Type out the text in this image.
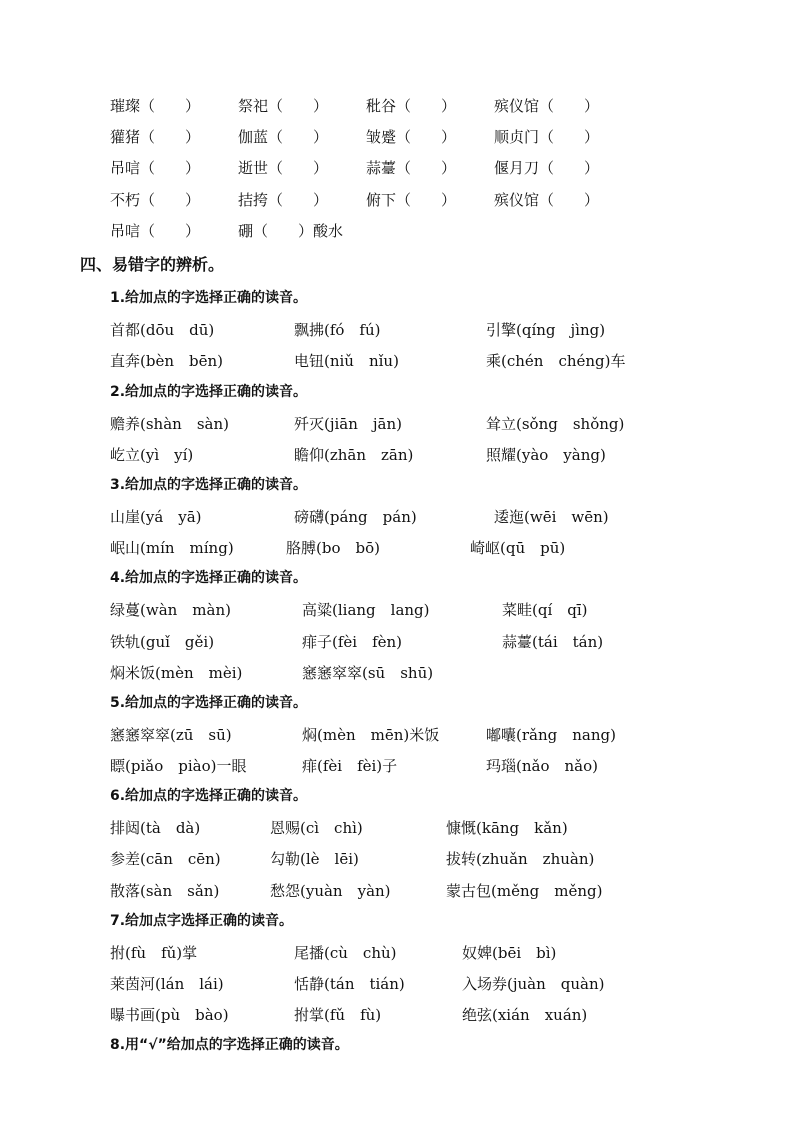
璀璨（　　）	祭祀（　　）	秕谷（　　）	殡仪馆（　　）
獾猪（　　）	伽蓝（　　）	皱蹙（　　）	顺贞门（　　）
吊唁（　　）	逝世（　　）	蒜薹（　　）	偃月刀（　　）
不朽（　　）	拮挎（　　）	俯下（　　）	殡仪馆（　　）
吊唁（　　）	硼（　　）酸水
四、易错字的辨析。
1.给加点的字选择正确的读音。
首都(dōu　dū)	飘拂(fó　fú)	引擎(qíng　jìng)
直奔(bèn　bēn)	电钮(niǔ　nǐu)	乘(chén　chéng)车
2.给加点的字选择正确的读音。
赡养(shàn　sàn)	歼灭(jiān　jān)	耸立(sǒng　shǒng)
屹立(yì　yí)	瞻仰(zhān　zān)	照耀(yào　yàng)
3.给加点的字选择正确的读音。
山崖(yá　yā)	磅礴(páng　pán)	逶迤(wēi　wēn)
岷山(mín　míng)	胳膊(bo　bō)	崎岖(qū　pū)
4.给加点的字选择正确的读音。
绿蔓(wàn　màn)	高粱(liang　lang)	菜畦(qí　qī)
铁轨(guǐ　gěi)	痱子(fèi　fèn)	蒜薹(tái　tán)
焖米饭(mèn　mèi)	窸窸窣窣(sū　shū)
5.给加点的字选择正确的读音。
窸窸窣窣(zū　sū)	焖(mèn　mēn)米饭	嘟囔(rǎng　nang)
瞟(piǎo　piào)一眼	痱(fèi　fèi)子	玛瑙(nǎo　nǎo)
6.给加点的字选择正确的读音。
排闼(tà　dà)	恩赐(cì　chì)	慷慨(kāng　kǎn)
参差(cān　cēn)	勾勒(lè　lēi)	拔转(zhuǎn　zhuàn)
散落(sàn　sǎn)	愁怨(yuàn　yàn)	蒙古包(měng　měng)
7.给加点字选择正确的读音。
拊(fù　fǔ)掌	尾播(cù　chù)	奴婢(bēi　bì)
莱茵河(lán　lái)	恬静(tán　tián)	入场券(juàn　quàn)
曝书画(pù　bào)	拊掌(fǔ　fù)	绝弦(xián　xuán)
8.用“√”给加点的字选择正确的读音。
